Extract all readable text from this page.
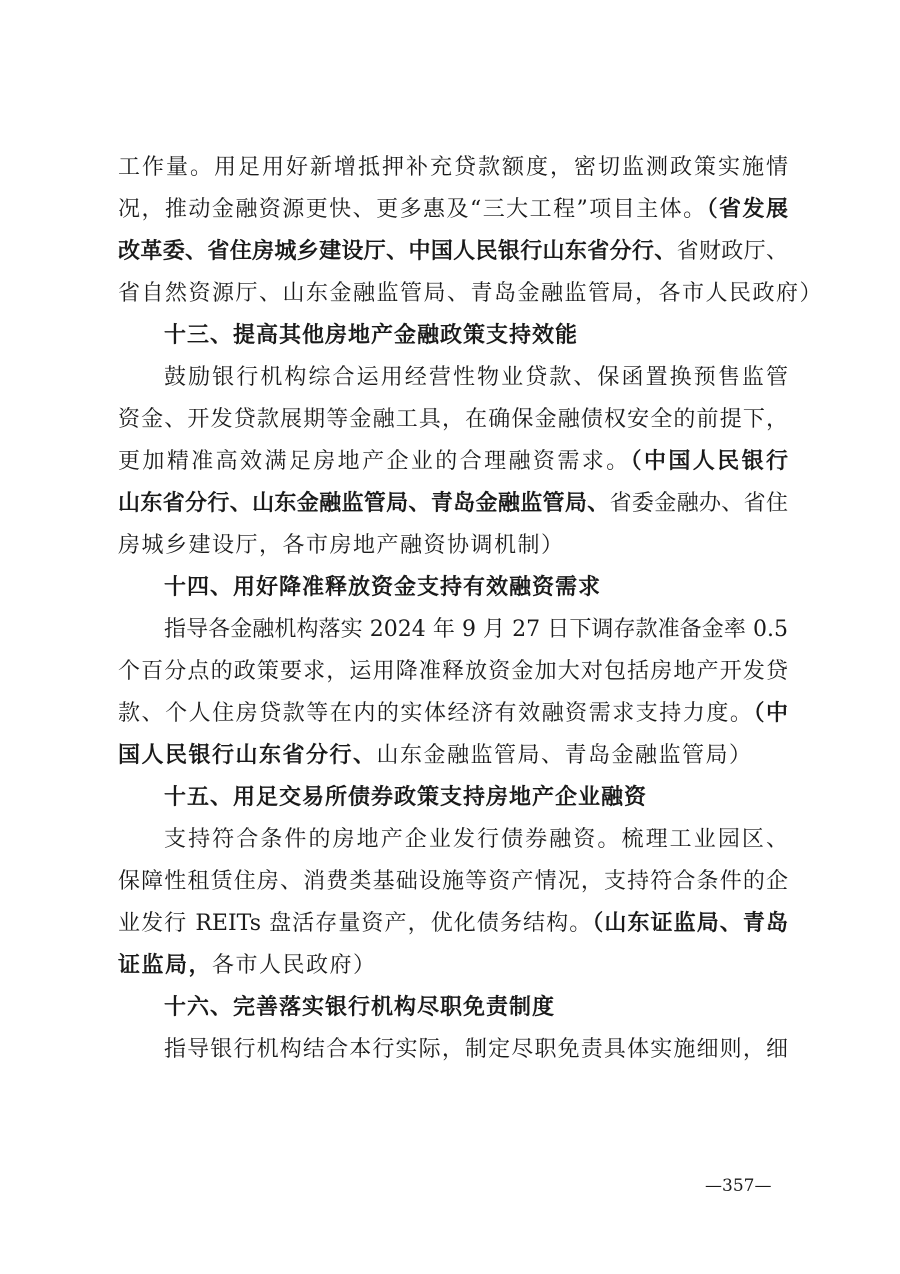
工作量。用足用好新增抵押补充贷款额度，密切监测政策实施情
况，推动金融资源更快、更多惠及“三大工程”项目主体。（省发展
改革委、省住房城乡建设厅、中国人民银行山东省分行、省财政厅、
省自然资源厅、山东金融监管局、青岛金融监管局，各市人民政府）
十三、提高其他房地产金融政策支持效能
鼓励银行机构综合运用经营性物业贷款、保函置换预售监管
资金、开发贷款展期等金融工具，在确保金融债权安全的前提下，
更加精准高效满足房地产企业的合理融资需求。（中国人民银行
山东省分行、山东金融监管局、青岛金融监管局、省委金融办、省住
房城乡建设厅，各市房地产融资协调机制）
十四、用好降准释放资金支持有效融资需求
指导各金融机构落实 2024 年 9 月 27 日下调存款准备金率 0.5
个百分点的政策要求，运用降准释放资金加大对包括房地产开发贷
款、个人住房贷款等在内的实体经济有效融资需求支持力度。（中
国人民银行山东省分行、山东金融监管局、青岛金融监管局）
十五、用足交易所债券政策支持房地产企业融资
支持符合条件的房地产企业发行债券融资。梳理工业园区、
保障性租赁住房、消费类基础设施等资产情况，支持符合条件的企
业发行 REITs 盘活存量资产，优化债务结构。（山东证监局、青岛
证监局，各市人民政府）
十六、完善落实银行机构尽职免责制度
指导银行机构结合本行实际，制定尽职免责具体实施细则，细
—357—
